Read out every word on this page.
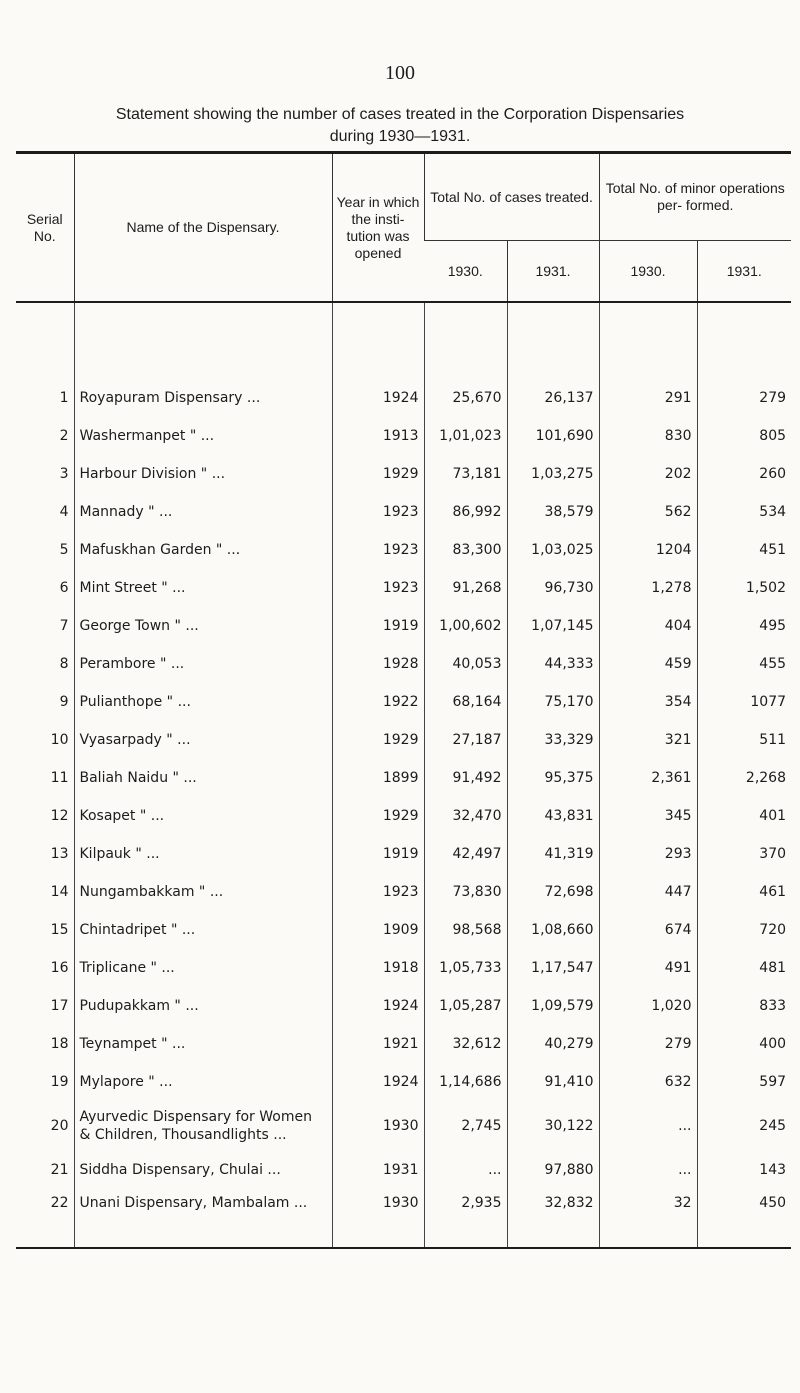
100
Statement showing the number of cases treated in the Corporation Dispensaries
during 1930—1931.
Serial No.	Name of the Dispensary.	Year in which the insti- tution was opened	Total No. of cases treated.		Total No. of minor operations per- formed.	
			1930.	1931.	1930.	1931.

1	Royapuram Dispensary ...	1924	25,670	26,137	291	279
2	Washermanpet " ...	1913	1,01,023	101,690	830	805
3	Harbour Division " ...	1929	73,181	1,03,275	202	260
4	Mannady " ...	1923	86,992	38,579	562	534
5	Mafuskhan Garden " ...	1923	83,300	1,03,025	1204	451
6	Mint Street " ...	1923	91,268	96,730	1,278	1,502
7	George Town " ...	1919	1,00,602	1,07,145	404	495
8	Perambore " ...	1928	40,053	44,333	459	455
9	Pulianthope " ...	1922	68,164	75,170	354	1077
10	Vyasarpady " ...	1929	27,187	33,329	321	511
11	Baliah Naidu " ...	1899	91,492	95,375	2,361	2,268
12	Kosapet " ...	1929	32,470	43,831	345	401
13	Kilpauk " ...	1919	42,497	41,319	293	370
14	Nungambakkam " ...	1923	73,830	72,698	447	461
15	Chintadripet " ...	1909	98,568	1,08,660	674	720
16	Triplicane " ...	1918	1,05,733	1,17,547	491	481
17	Pudupakkam " ...	1924	1,05,287	1,09,579	1,020	833
18	Teynampet " ...	1921	32,612	40,279	279	400
19	Mylapore " ...	1924	1,14,686	91,410	632	597
20	Ayurvedic Dispensary for Women & Children, Thousandlights ...	1930	2,745	30,122	...	245
21	Siddha Dispensary, Chulai ...	1931	...	97,880	...	143
22	Unani Dispensary, Mambalam ...	1930	2,935	32,832	32	450
